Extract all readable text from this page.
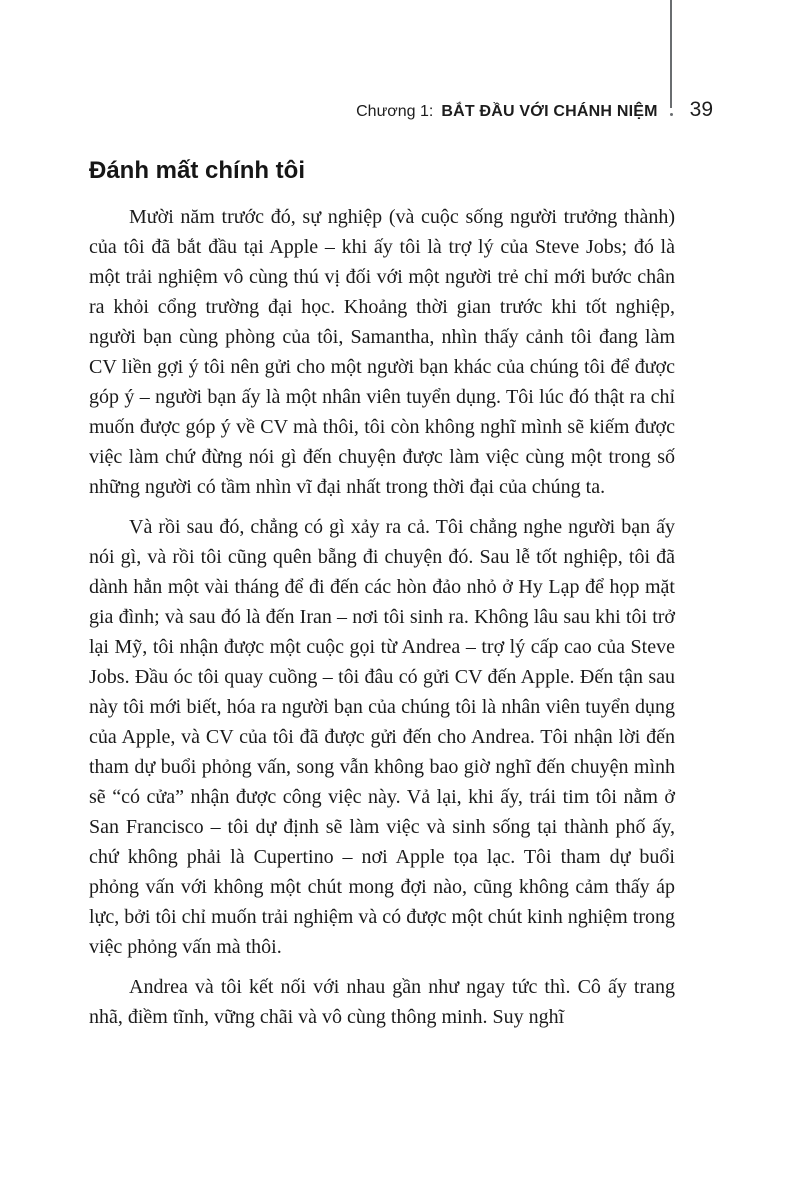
Chương 1: BẮT ĐẦU VỚI CHÁNH NIỆM 39
Đánh mất chính tôi

Mười năm trước đó, sự nghiệp (và cuộc sống người trưởng thành) của tôi đã bắt đầu tại Apple – khi ấy tôi là trợ lý của Steve Jobs; đó là một trải nghiệm vô cùng thú vị đối với một người trẻ chỉ mới bước chân ra khỏi cổng trường đại học. Khoảng thời gian trước khi tốt nghiệp, người bạn cùng phòng của tôi, Samantha, nhìn thấy cảnh tôi đang làm CV liền gợi ý tôi nên gửi cho một người bạn khác của chúng tôi để được góp ý – người bạn ấy là một nhân viên tuyển dụng. Tôi lúc đó thật ra chỉ muốn được góp ý về CV mà thôi, tôi còn không nghĩ mình sẽ kiếm được việc làm chứ đừng nói gì đến chuyện được làm việc cùng một trong số những người có tầm nhìn vĩ đại nhất trong thời đại của chúng ta.

Và rồi sau đó, chẳng có gì xảy ra cả. Tôi chẳng nghe người bạn ấy nói gì, và rồi tôi cũng quên bẵng đi chuyện đó. Sau lễ tốt nghiệp, tôi đã dành hẳn một vài tháng để đi đến các hòn đảo nhỏ ở Hy Lạp để họp mặt gia đình; và sau đó là đến Iran – nơi tôi sinh ra. Không lâu sau khi tôi trở lại Mỹ, tôi nhận được một cuộc gọi từ Andrea – trợ lý cấp cao của Steve Jobs. Đầu óc tôi quay cuồng – tôi đâu có gửi CV đến Apple. Đến tận sau này tôi mới biết, hóa ra người bạn của chúng tôi là nhân viên tuyển dụng của Apple, và CV của tôi đã được gửi đến cho Andrea. Tôi nhận lời đến tham dự buổi phỏng vấn, song vẫn không bao giờ nghĩ đến chuyện mình sẽ “có cửa” nhận được công việc này. Vả lại, khi ấy, trái tim tôi nằm ở San Francisco – tôi dự định sẽ làm việc và sinh sống tại thành phố ấy, chứ không phải là Cupertino – nơi Apple tọa lạc. Tôi tham dự buổi phỏng vấn với không một chút mong đợi nào, cũng không cảm thấy áp lực, bởi tôi chỉ muốn trải nghiệm và có được một chút kinh nghiệm trong việc phỏng vấn mà thôi.

Andrea và tôi kết nối với nhau gần như ngay tức thì. Cô ấy trang nhã, điềm tĩnh, vững chãi và vô cùng thông minh. Suy nghĩ
